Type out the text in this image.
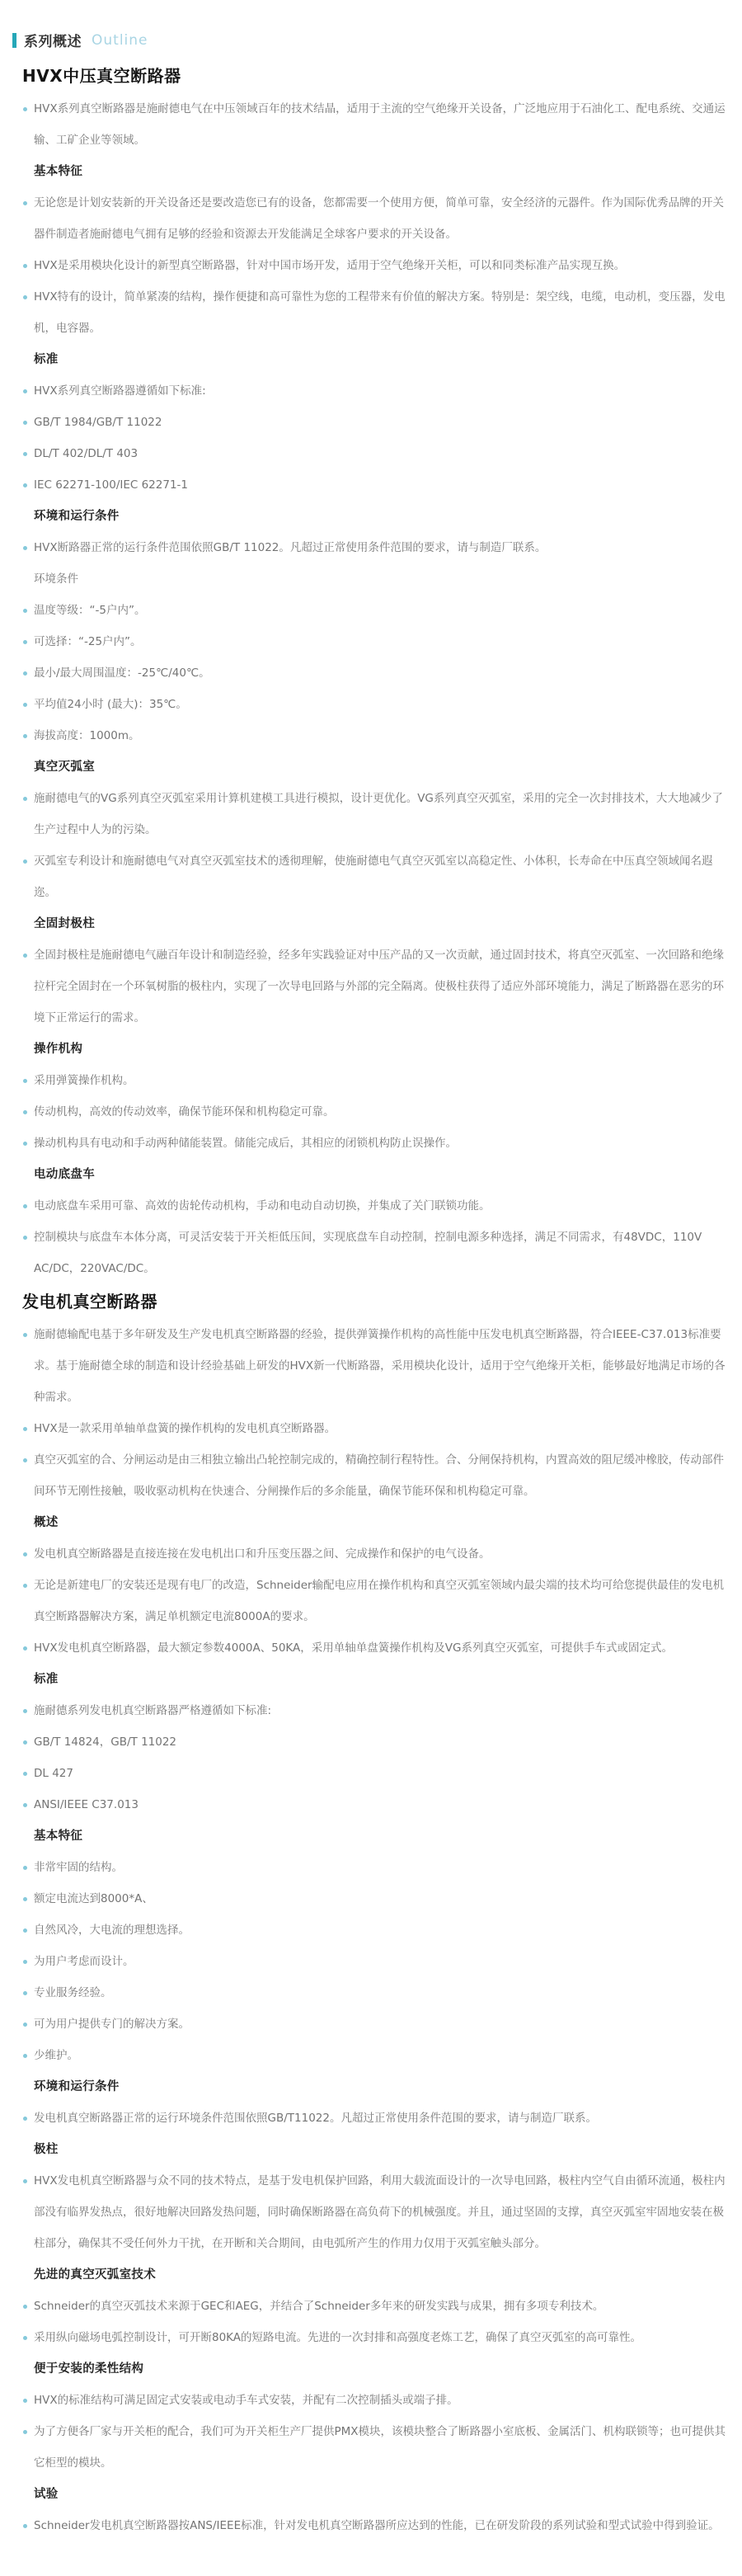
系列概述 Outline
HVX中压真空断路器

HVX系列真空断路器是施耐德电气在中压领域百年的技术结晶，适用于主流的空气绝缘开关设备，广泛地应用于石油化工、配电系统、交通运输、工矿企业等领域。

基本特征

无论您是计划安装新的开关设备还是要改造您已有的设备，您都需要一个使用方便，简单可靠，安全经济的元器件。作为国际优秀品牌的开关器件制造者施耐德电气拥有足够的经验和资源去开发能满足全球客户要求的开关设备。

HVX是采用模块化设计的新型真空断路器，针对中国市场开发，适用于空气绝缘开关柜，可以和同类标准产品实现互换。

HVX特有的设计，简单紧凑的结构，操作便捷和高可靠性为您的工程带来有价值的解决方案。特别是：架空线，电缆，电动机，变压器，发电机，电容器。

标准

HVX系列真空断路器遵循如下标准:

GB/T 1984/GB/T 11022

DL/T 402/DL/T 403

IEC 62271-100/IEC 62271-1

环境和运行条件

HVX断路器正常的运行条件范围依照GB/T 11022。凡超过正常使用条件范围的要求，请与制造厂联系。

环境条件

温度等级：“-5户内”。

可选择：“-25户内”。

最小/最大周围温度：-25℃/40℃。

平均值24小时 (最大)：35℃。

海拔高度：1000m。

真空灭弧室

施耐德电气的VG系列真空灭弧室采用计算机建模工具进行模拟，设计更优化。VG系列真空灭弧室，采用的完全一次封排技术，大大地减少了生产过程中人为的污染。

灭弧室专利设计和施耐德电气对真空灭弧室技术的透彻理解，使施耐德电气真空灭弧室以高稳定性、小体积，长寿命在中压真空领域闻名遐迩。

全固封极柱

全固封极柱是施耐德电气融百年设计和制造经验，经多年实践验证对中压产品的又一次贡献，通过固封技术，将真空灭弧室、一次回路和绝缘拉杆完全固封在一个环氧树脂的极柱内，实现了一次导电回路与外部的完全隔离。使极柱获得了适应外部环境能力，满足了断路器在恶劣的环境下正常运行的需求。

操作机构

采用弹簧操作机构。

传动机构，高效的传动效率，确保节能环保和机构稳定可靠。

操动机构具有电动和手动两种储能装置。储能完成后，其相应的闭锁机构防止误操作。

电动底盘车

电动底盘车采用可靠、高效的齿轮传动机构，手动和电动自动切换，并集成了关门联锁功能。

控制模块与底盘车本体分离，可灵活安装于开关柜低压间，实现底盘车自动控制，控制电源多种选择，满足不同需求，有48VDC，110V AC/DC，220VAC/DC。

发电机真空断路器

施耐德输配电基于多年研发及生产发电机真空断路器的经验，提供弹簧操作机构的高性能中压发电机真空断路器，符合IEEE-C37.013标准要求。基于施耐德全球的制造和设计经验基础上研发的HVX新一代断路器，采用模块化设计，适用于空气绝缘开关柜，能够最好地满足市场的各种需求。

HVX是一款采用单轴单盘簧的操作机构的发电机真空断路器。

真空灭弧室的合、分闸运动是由三相独立输出凸轮控制完成的，精确控制行程特性。合、分闸保持机构，内置高效的阻尼缓冲橡胶，传动部件间环节无刚性接触，吸收驱动机构在快速合、分闸操作后的多余能量，确保节能环保和机构稳定可靠。

概述

发电机真空断路器是直接连接在发电机出口和升压变压器之间、完成操作和保护的电气设备。

无论是新建电厂的安装还是现有电厂的改造，Schneider输配电应用在操作机构和真空灭弧室领域内最尖端的技术均可给您提供最佳的发电机真空断路器解决方案，满足单机额定电流8000A的要求。

HVX发电机真空断路器，最大额定参数4000A、50KA，采用单轴单盘簧操作机构及VG系列真空灭弧室，可提供手车式或固定式。

标准

施耐德系列发电机真空断路器严格遵循如下标准:

GB/T 14824，GB/T 11022

DL 427

ANSI/IEEE C37.013

基本特征

非常牢固的结构。

额定电流达到8000*A、

自然风冷，大电流的理想选择。

为用户考虑而设计。

专业服务经验。

可为用户提供专门的解决方案。

少维护。

环境和运行条件

发电机真空断路器正常的运行环境条件范围依照GB/T11022。凡超过正常使用条件范围的要求，请与制造厂联系。

极柱

HVX发电机真空断路器与众不同的技术特点，是基于发电机保护回路，利用大载流面设计的一次导电回路，极柱内空气自由循环流通，极柱内部没有临界发热点，很好地解决回路发热问题，同时确保断路器在高负荷下的机械强度。并且，通过坚固的支撑，真空灭弧室牢固地安装在极柱部分，确保其不受任何外力干扰，在开断和关合期间，由电弧所产生的作用力仅用于灭弧室触头部分。

先进的真空灭弧室技术

Schneider的真空灭弧技术来源于GEC和AEG，并结合了Schneider多年来的研发实践与成果，拥有多项专利技术。

采用纵向磁场电弧控制设计，可开断80KA的短路电流。先进的一次封排和高强度老炼工艺，确保了真空灭弧室的高可靠性。

便于安装的柔性结构

HVX的标准结构可满足固定式安装或电动手车式安装，并配有二次控制插头或端子排。

为了方便各厂家与开关柜的配合，我们可为开关柜生产厂提供PMX模块，该模块整合了断路器小室底板、金属活门、机构联锁等；也可提供其它柜型的模块。

试验

Schneider发电机真空断路器按ANS/IEEE标准，针对发电机真空断路器所应达到的性能，已在研发阶段的系列试验和型式试验中得到验证。
